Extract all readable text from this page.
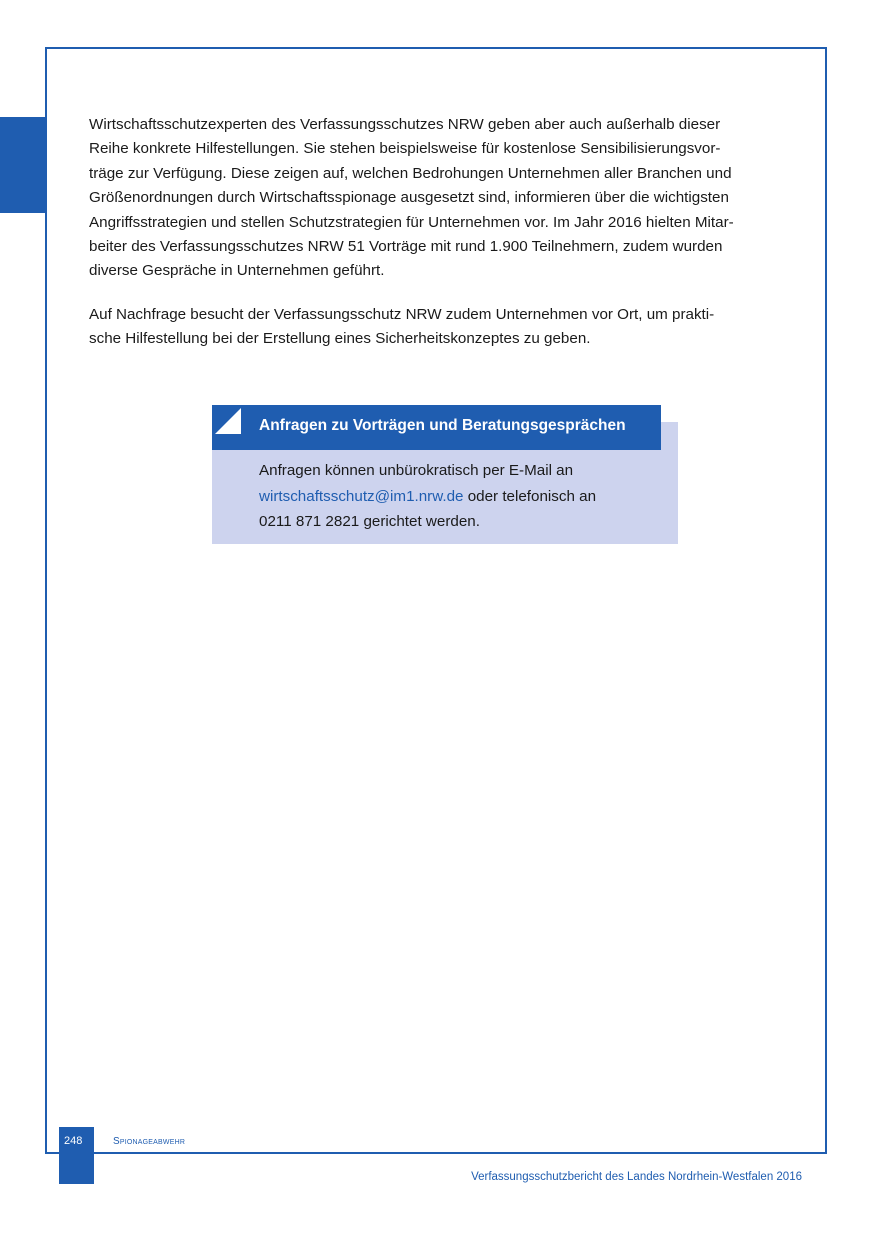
Wirtschaftsschutzexperten des Verfassungsschutzes NRW geben aber auch außerhalb dieser
Reihe konkrete Hilfestellungen. Sie stehen beispielsweise für kostenlose Sensibilisierungsvor-
träge zur Verfügung. Diese zeigen auf, welchen Bedrohungen Unternehmen aller Branchen und
Größenordnungen durch Wirtschaftsspionage ausgesetzt sind, informieren über die wichtigsten
Angriffsstrategien und stellen Schutzstrategien für Unternehmen vor. Im Jahr 2016 hielten Mitar-
beiter des Verfassungsschutzes NRW 51 Vorträge mit rund 1.900 Teilnehmern, zudem wurden
diverse Gespräche in Unternehmen geführt.

Auf Nachfrage besucht der Verfassungsschutz NRW zudem Unternehmen vor Ort, um prakti-
sche Hilfestellung bei der Erstellung eines Sicherheitskonzeptes zu geben.

Anfragen zu Vorträgen und Beratungsgesprächen
Anfragen können unbürokratisch per E-Mail an
wirtschaftsschutz@im1.nrw.de oder telefonisch an
0211 871 2821 gerichtet werden.
248	Spionageabwehr
Verfassungsschutzbericht des Landes Nordrhein-Westfalen 2016
